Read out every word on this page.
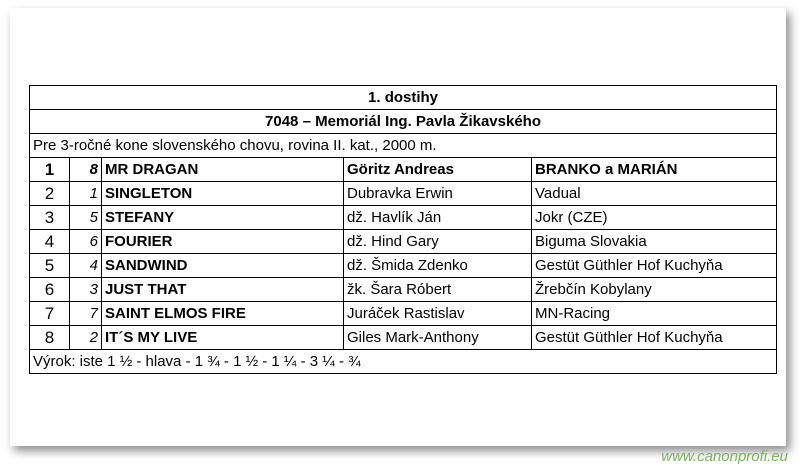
1. dostihy				
7048 – Memoriál Ing. Pavla Žikavského				
Pre 3-ročné kone slovenského chovu, rovina II. kat., 2000 m.				
1	8	MR DRAGAN	Göritz Andreas	BRANKO a MARIÁN
2	1	SINGLETON	Dubravka Erwin	Vadual
3	5	STEFANY	dž. Havlík Ján	Jokr (CZE)
4	6	FOURIER	dž. Hind Gary	Biguma Slovakia
5	4	SANDWIND	dž. Šmida Zdenko	Gestüt Güthler Hof Kuchyňa
6	3	JUST THAT	žk. Šara Róbert	Žrebčín Kobylany
7	7	SAINT ELMOS FIRE	Juráček Rastislav	MN-Racing
8	2	IT´S MY LIVE	Giles Mark-Anthony	Gestüt Güthler Hof Kuchyňa
Výrok: iste 1 ½ - hlava - 1 ¾ - 1 ½ - 1 ¼ - 3 ¼ - ¾				
www.canonprofi.eu
